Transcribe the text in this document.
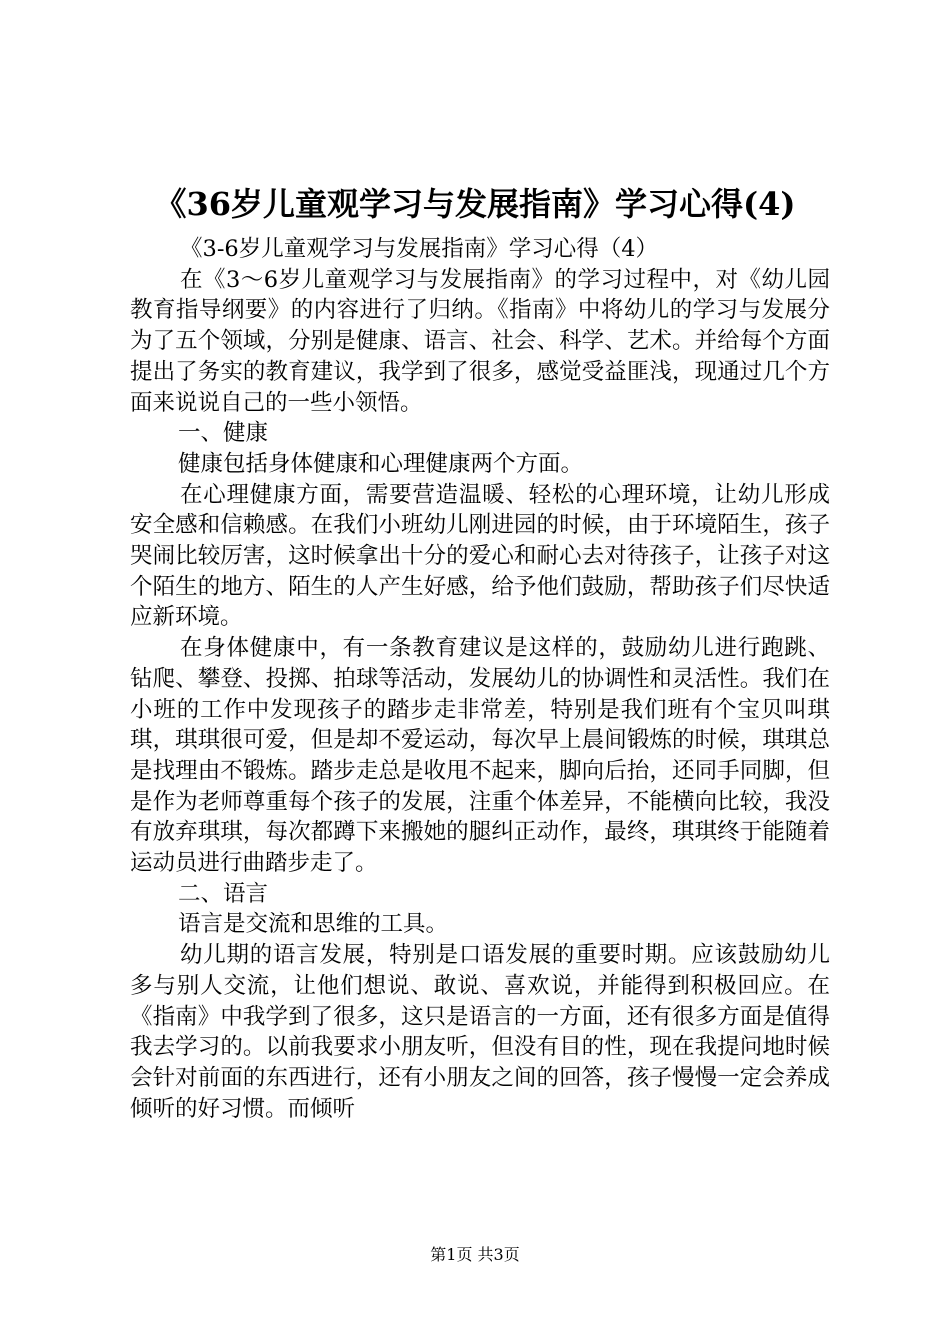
《36岁儿童观学习与发展指南》学习心得(4)

《3-6岁儿童观学习与发展指南》学习心得（4）

在《3～6岁儿童观学习与发展指南》的学习过程中，对《幼儿园教育指导纲要》的内容进行了归纳。《指南》中将幼儿的学习与发展分为了五个领域，分别是健康、语言、社会、科学、艺术。并给每个方面提出了务实的教育建议，我学到了很多，感觉受益匪浅，现通过几个方面来说说自己的一些小领悟。

一、健康

健康包括身体健康和心理健康两个方面。

在心理健康方面，需要营造温暖、轻松的心理环境，让幼儿形成安全感和信赖感。在我们小班幼儿刚进园的时候，由于环境陌生，孩子哭闹比较厉害，这时候拿出十分的爱心和耐心去对待孩子，让孩子对这个陌生的地方、陌生的人产生好感，给予他们鼓励，帮助孩子们尽快适应新环境。

在身体健康中，有一条教育建议是这样的，鼓励幼儿进行跑跳、钻爬、攀登、投掷、拍球等活动，发展幼儿的协调性和灵活性。我们在小班的工作中发现孩子的踏步走非常差，特别是我们班有个宝贝叫琪琪，琪琪很可爱，但是却不爱运动，每次早上晨间锻炼的时候，琪琪总是找理由不锻炼。踏步走总是收甩不起来，脚向后抬，还同手同脚，但是作为老师尊重每个孩子的发展，注重个体差异，不能横向比较，我没有放弃琪琪，每次都蹲下来搬她的腿纠正动作，最终，琪琪终于能随着运动员进行曲踏步走了。

二、语言

语言是交流和思维的工具。

幼儿期的语言发展，特别是口语发展的重要时期。应该鼓励幼儿多与别人交流，让他们想说、敢说、喜欢说，并能得到积极回应。在《指南》中我学到了很多，这只是语言的一方面，还有很多方面是值得我去学习的。以前我要求小朋友听，但没有目的性，现在我提问地时候会针对前面的东西进行，还有小朋友之间的回答，孩子慢慢一定会养成倾听的好习惯。而倾听

第1页 共3页
